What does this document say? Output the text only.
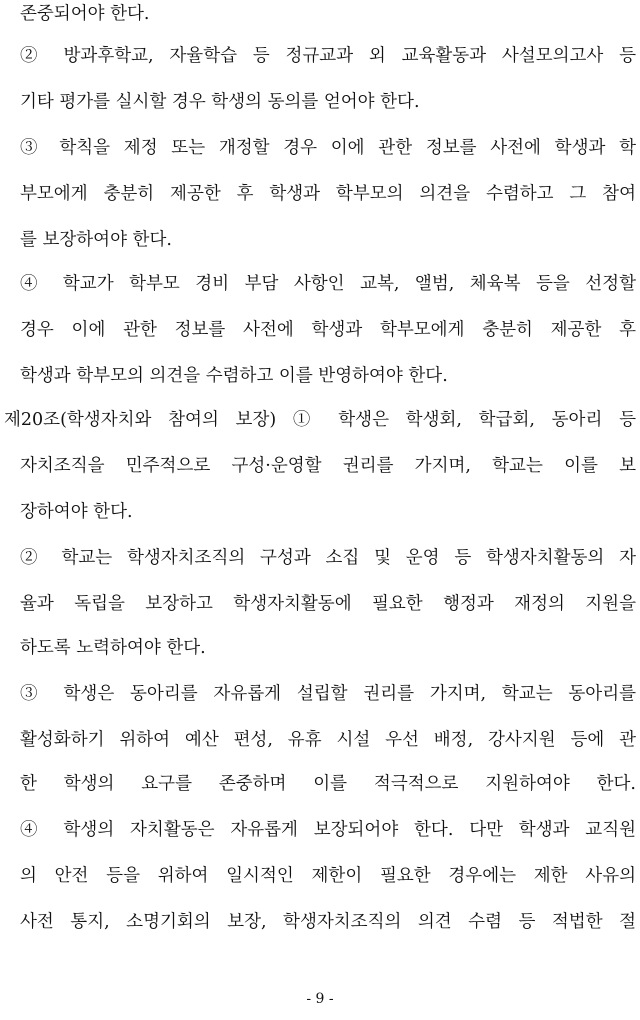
존중되어야 한다.
② 방과후학교, 자율학습 등 정규교과 외 교육활동과 사설모의고사 등
기타 평가를 실시할 경우 학생의 동의를 얻어야 한다.
③ 학칙을 제정 또는 개정할 경우 이에 관한 정보를 사전에 학생과 학
부모에게 충분히 제공한 후 학생과 학부모의 의견을 수렴하고 그 참여
를 보장하여야 한다.
④ 학교가 학부모 경비 부담 사항인 교복, 앨범, 체육복 등을 선정할
경우 이에 관한 정보를 사전에 학생과 학부모에게 충분히 제공한 후
학생과 학부모의 의견을 수렴하고 이를 반영하여야 한다.
제20조(학생자치와 참여의 보장) ① 학생은 학생회, 학급회, 동아리 등
자치조직을 민주적으로 구성·운영할 권리를 가지며, 학교는 이를 보
장하여야 한다.
② 학교는 학생자치조직의 구성과 소집 및 운영 등 학생자치활동의 자
율과 독립을 보장하고 학생자치활동에 필요한 행정과 재정의 지원을
하도록 노력하여야 한다.
③ 학생은 동아리를 자유롭게 설립할 권리를 가지며, 학교는 동아리를
활성화하기 위하여 예산 편성, 유휴 시설 우선 배정, 강사지원 등에 관
한 학생의 요구를 존중하며 이를 적극적으로 지원하여야 한다.
④ 학생의 자치활동은 자유롭게 보장되어야 한다. 다만 학생과 교직원
의 안전 등을 위하여 일시적인 제한이 필요한 경우에는 제한 사유의
사전 통지, 소명기회의 보장, 학생자치조직의 의견 수렴 등 적법한 절
- 9 -
